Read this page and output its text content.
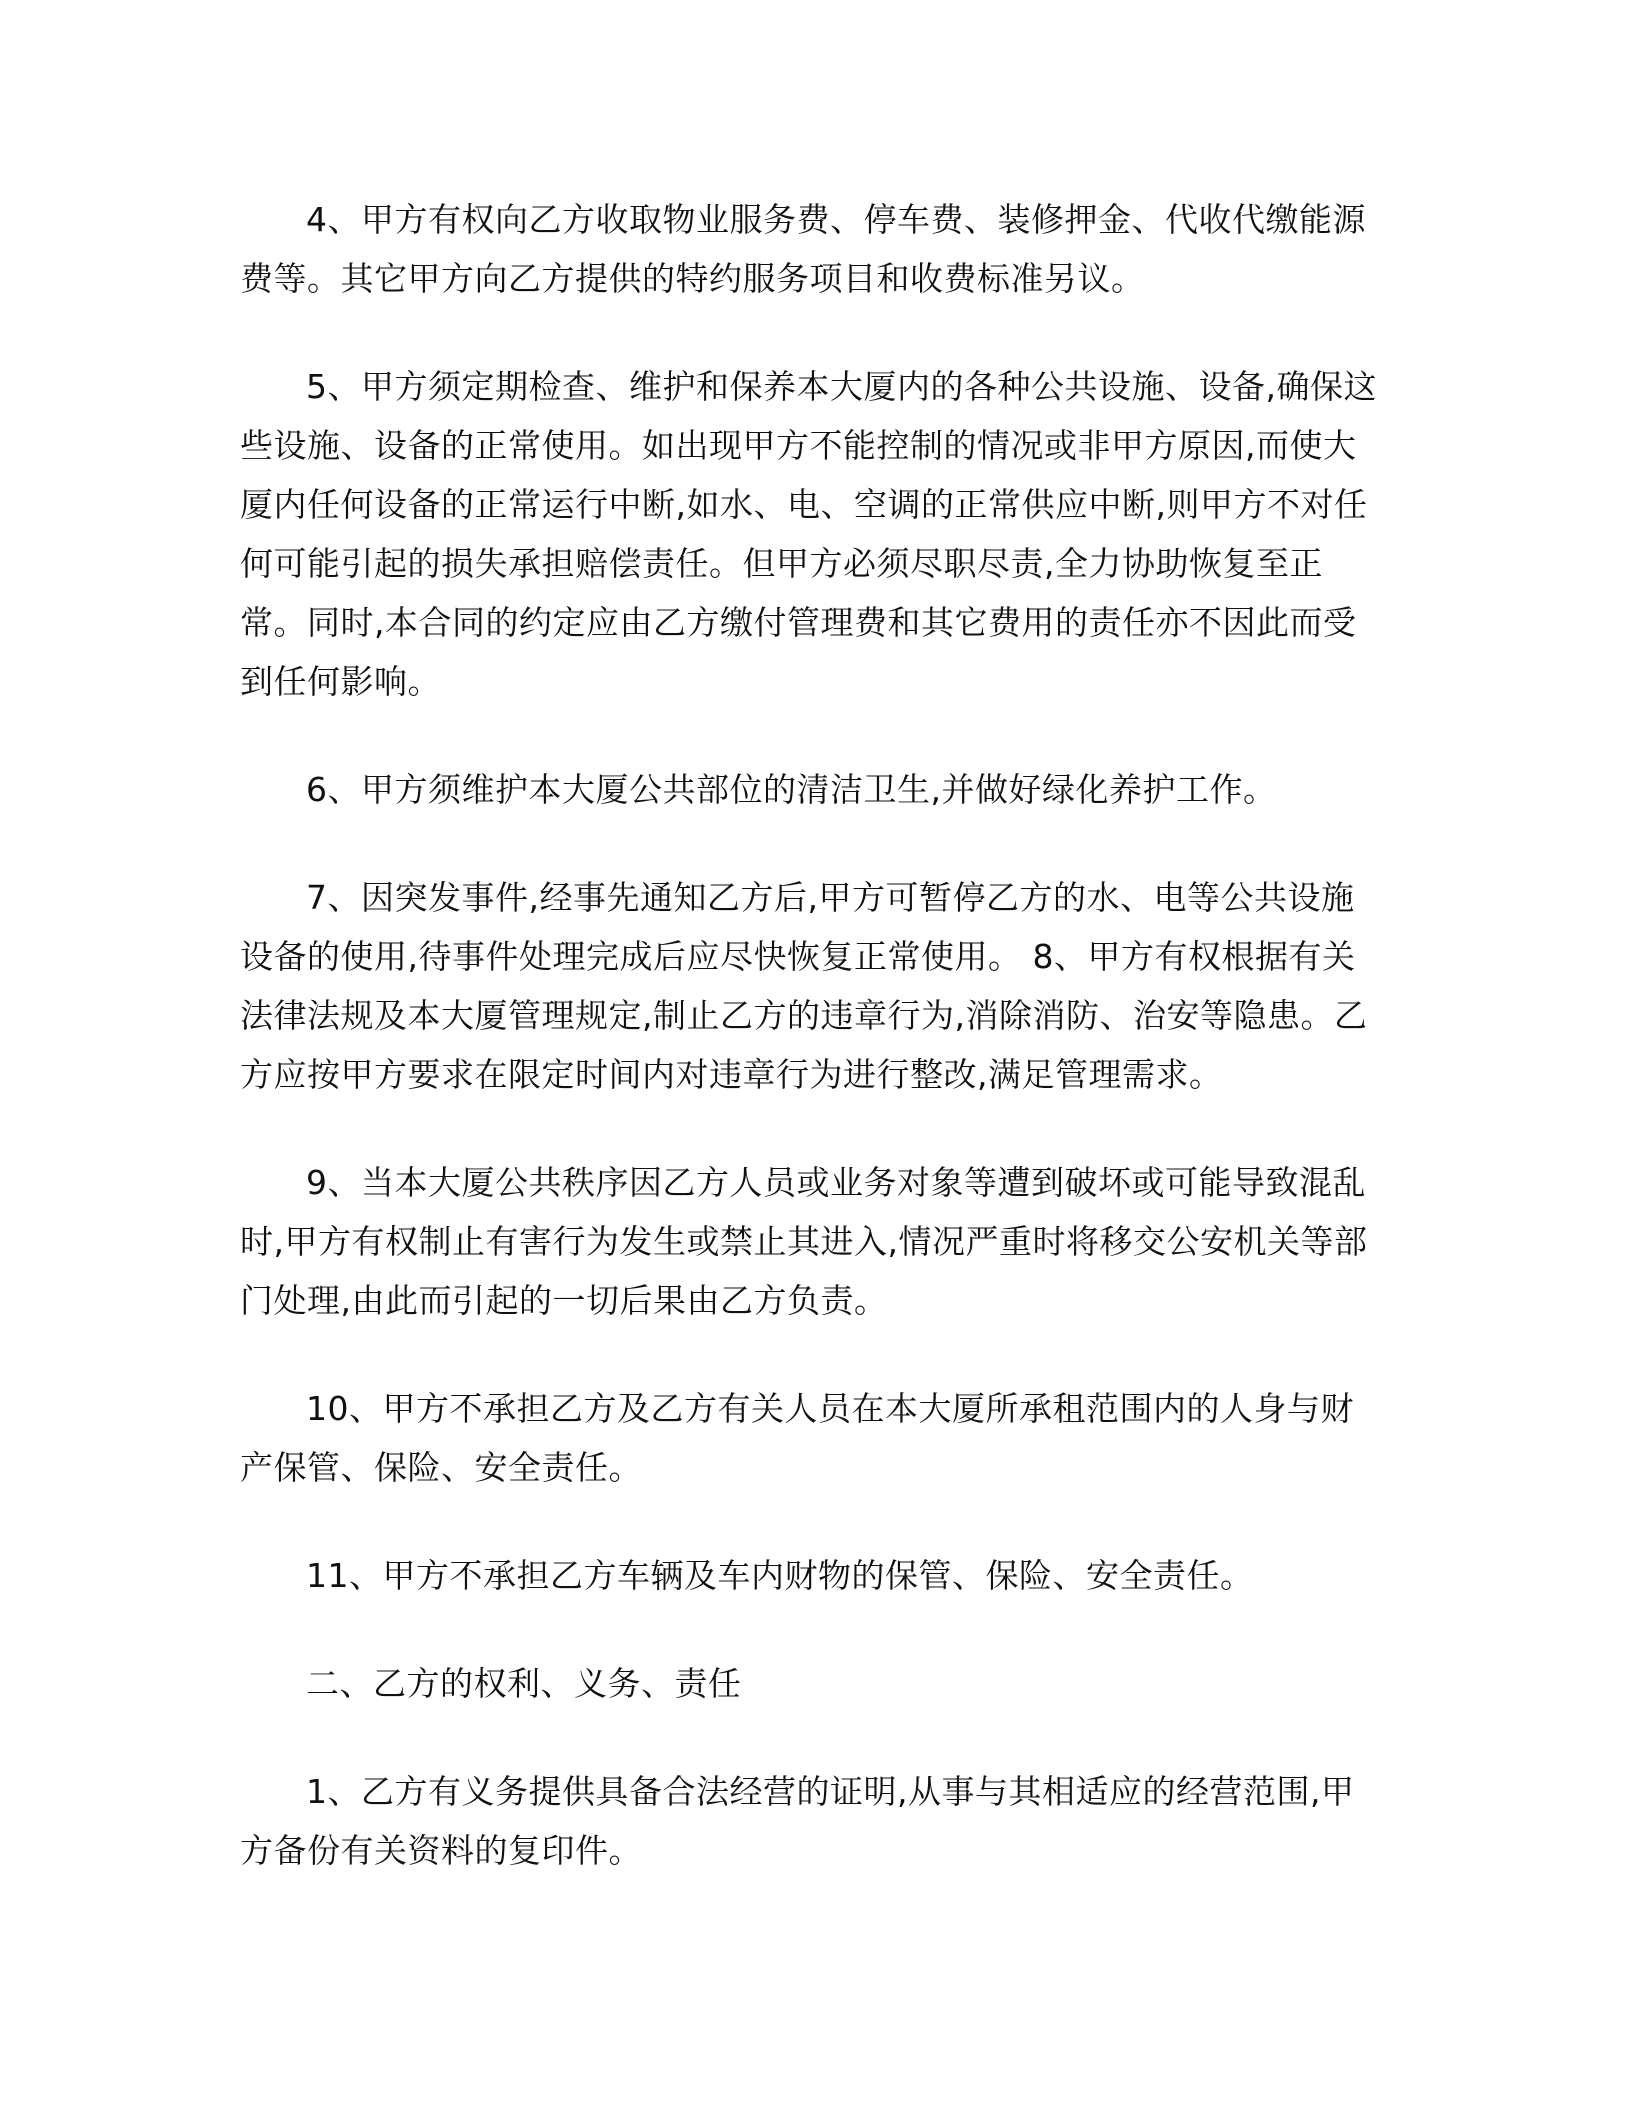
4、甲方有权向乙方收取物业服务费、停车费、装修押金、代收代缴能源费等。其它甲方向乙方提供的特约服务项目和收费标准另议。

5、甲方须定期检查、维护和保养本大厦内的各种公共设施、设备,确保这些设施、设备的正常使用。如出现甲方不能控制的情况或非甲方原因,而使大厦内任何设备的正常运行中断,如水、电、空调的正常供应中断,则甲方不对任何可能引起的损失承担赔偿责任。但甲方必须尽职尽责,全力协助恢复至正常。同时,本合同的约定应由乙方缴付管理费和其它费用的责任亦不因此而受到任何影响。

6、甲方须维护本大厦公共部位的清洁卫生,并做好绿化养护工作。

7、因突发事件,经事先通知乙方后,甲方可暂停乙方的水、电等公共设施设备的使用,待事件处理完成后应尽快恢复正常使用。 8、甲方有权根据有关法律法规及本大厦管理规定,制止乙方的违章行为,消除消防、治安等隐患。乙方应按甲方要求在限定时间内对违章行为进行整改,满足管理需求。

9、当本大厦公共秩序因乙方人员或业务对象等遭到破坏或可能导致混乱时,甲方有权制止有害行为发生或禁止其进入,情况严重时将移交公安机关等部门处理,由此而引起的一切后果由乙方负责。

10、甲方不承担乙方及乙方有关人员在本大厦所承租范围内的人身与财产保管、保险、安全责任。

11、甲方不承担乙方车辆及车内财物的保管、保险、安全责任。

二、乙方的权利、义务、责任

1、乙方有义务提供具备合法经营的证明,从事与其相适应的经营范围,甲方备份有关资料的复印件。
